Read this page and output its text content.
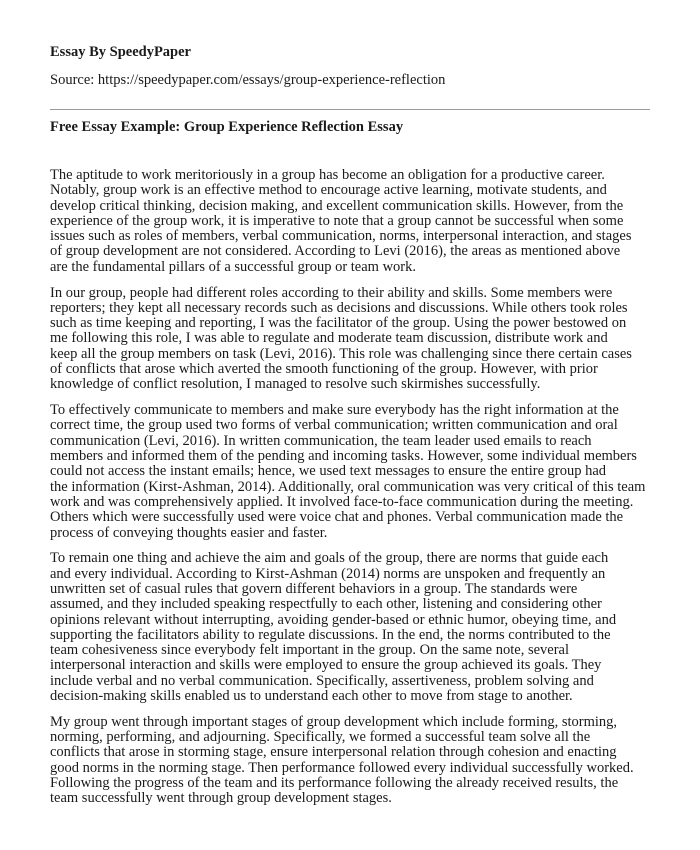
Essay By SpeedyPaper

Source: https://speedypaper.com/essays/group-experience-reflection

Free Essay Example: Group Experience Reflection Essay

The aptitude to work meritoriously in a group has become an obligation for a productive career.
Notably, group work is an effective method to encourage active learning, motivate students, and
develop critical thinking, decision making, and excellent communication skills. However, from the
experience of the group work, it is imperative to note that a group cannot be successful when some
issues such as roles of members, verbal communication, norms, interpersonal interaction, and stages
of group development are not considered. According to Levi (2016), the areas as mentioned above
are the fundamental pillars of a successful group or team work.

In our group, people had different roles according to their ability and skills. Some members were
reporters; they kept all necessary records such as decisions and discussions. While others took roles
such as time keeping and reporting, I was the facilitator of the group. Using the power bestowed on
me following this role, I was able to regulate and moderate team discussion, distribute work and
keep all the group members on task (Levi, 2016). This role was challenging since there certain cases
of conflicts that arose which averted the smooth functioning of the group. However, with prior
knowledge of conflict resolution, I managed to resolve such skirmishes successfully.

To effectively communicate to members and make sure everybody has the right information at the
correct time, the group used two forms of verbal communication; written communication and oral
communication (Levi, 2016). In written communication, the team leader used emails to reach
members and informed them of the pending and incoming tasks. However, some individual members
could not access the instant emails; hence, we used text messages to ensure the entire group had
the information (Kirst-Ashman, 2014). Additionally, oral communication was very critical of this team
work and was comprehensively applied. It involved face-to-face communication during the meeting.
Others which were successfully used were voice chat and phones. Verbal communication made the
process of conveying thoughts easier and faster.

To remain one thing and achieve the aim and goals of the group, there are norms that guide each
and every individual. According to Kirst-Ashman (2014) norms are unspoken and frequently an
unwritten set of casual rules that govern different behaviors in a group. The standards were
assumed, and they included speaking respectfully to each other, listening and considering other
opinions relevant without interrupting, avoiding gender-based or ethnic humor, obeying time, and
supporting the facilitators ability to regulate discussions. In the end, the norms contributed to the
team cohesiveness since everybody felt important in the group. On the same note, several
interpersonal interaction and skills were employed to ensure the group achieved its goals. They
include verbal and no verbal communication. Specifically, assertiveness, problem solving and
decision-making skills enabled us to understand each other to move from stage to another.

My group went through important stages of group development which include forming, storming,
norming, performing, and adjourning. Specifically, we formed a successful team solve all the
conflicts that arose in storming stage, ensure interpersonal relation through cohesion and enacting
good norms in the norming stage. Then performance followed every individual successfully worked.
Following the progress of the team and its performance following the already received results, the
team successfully went through group development stages.
